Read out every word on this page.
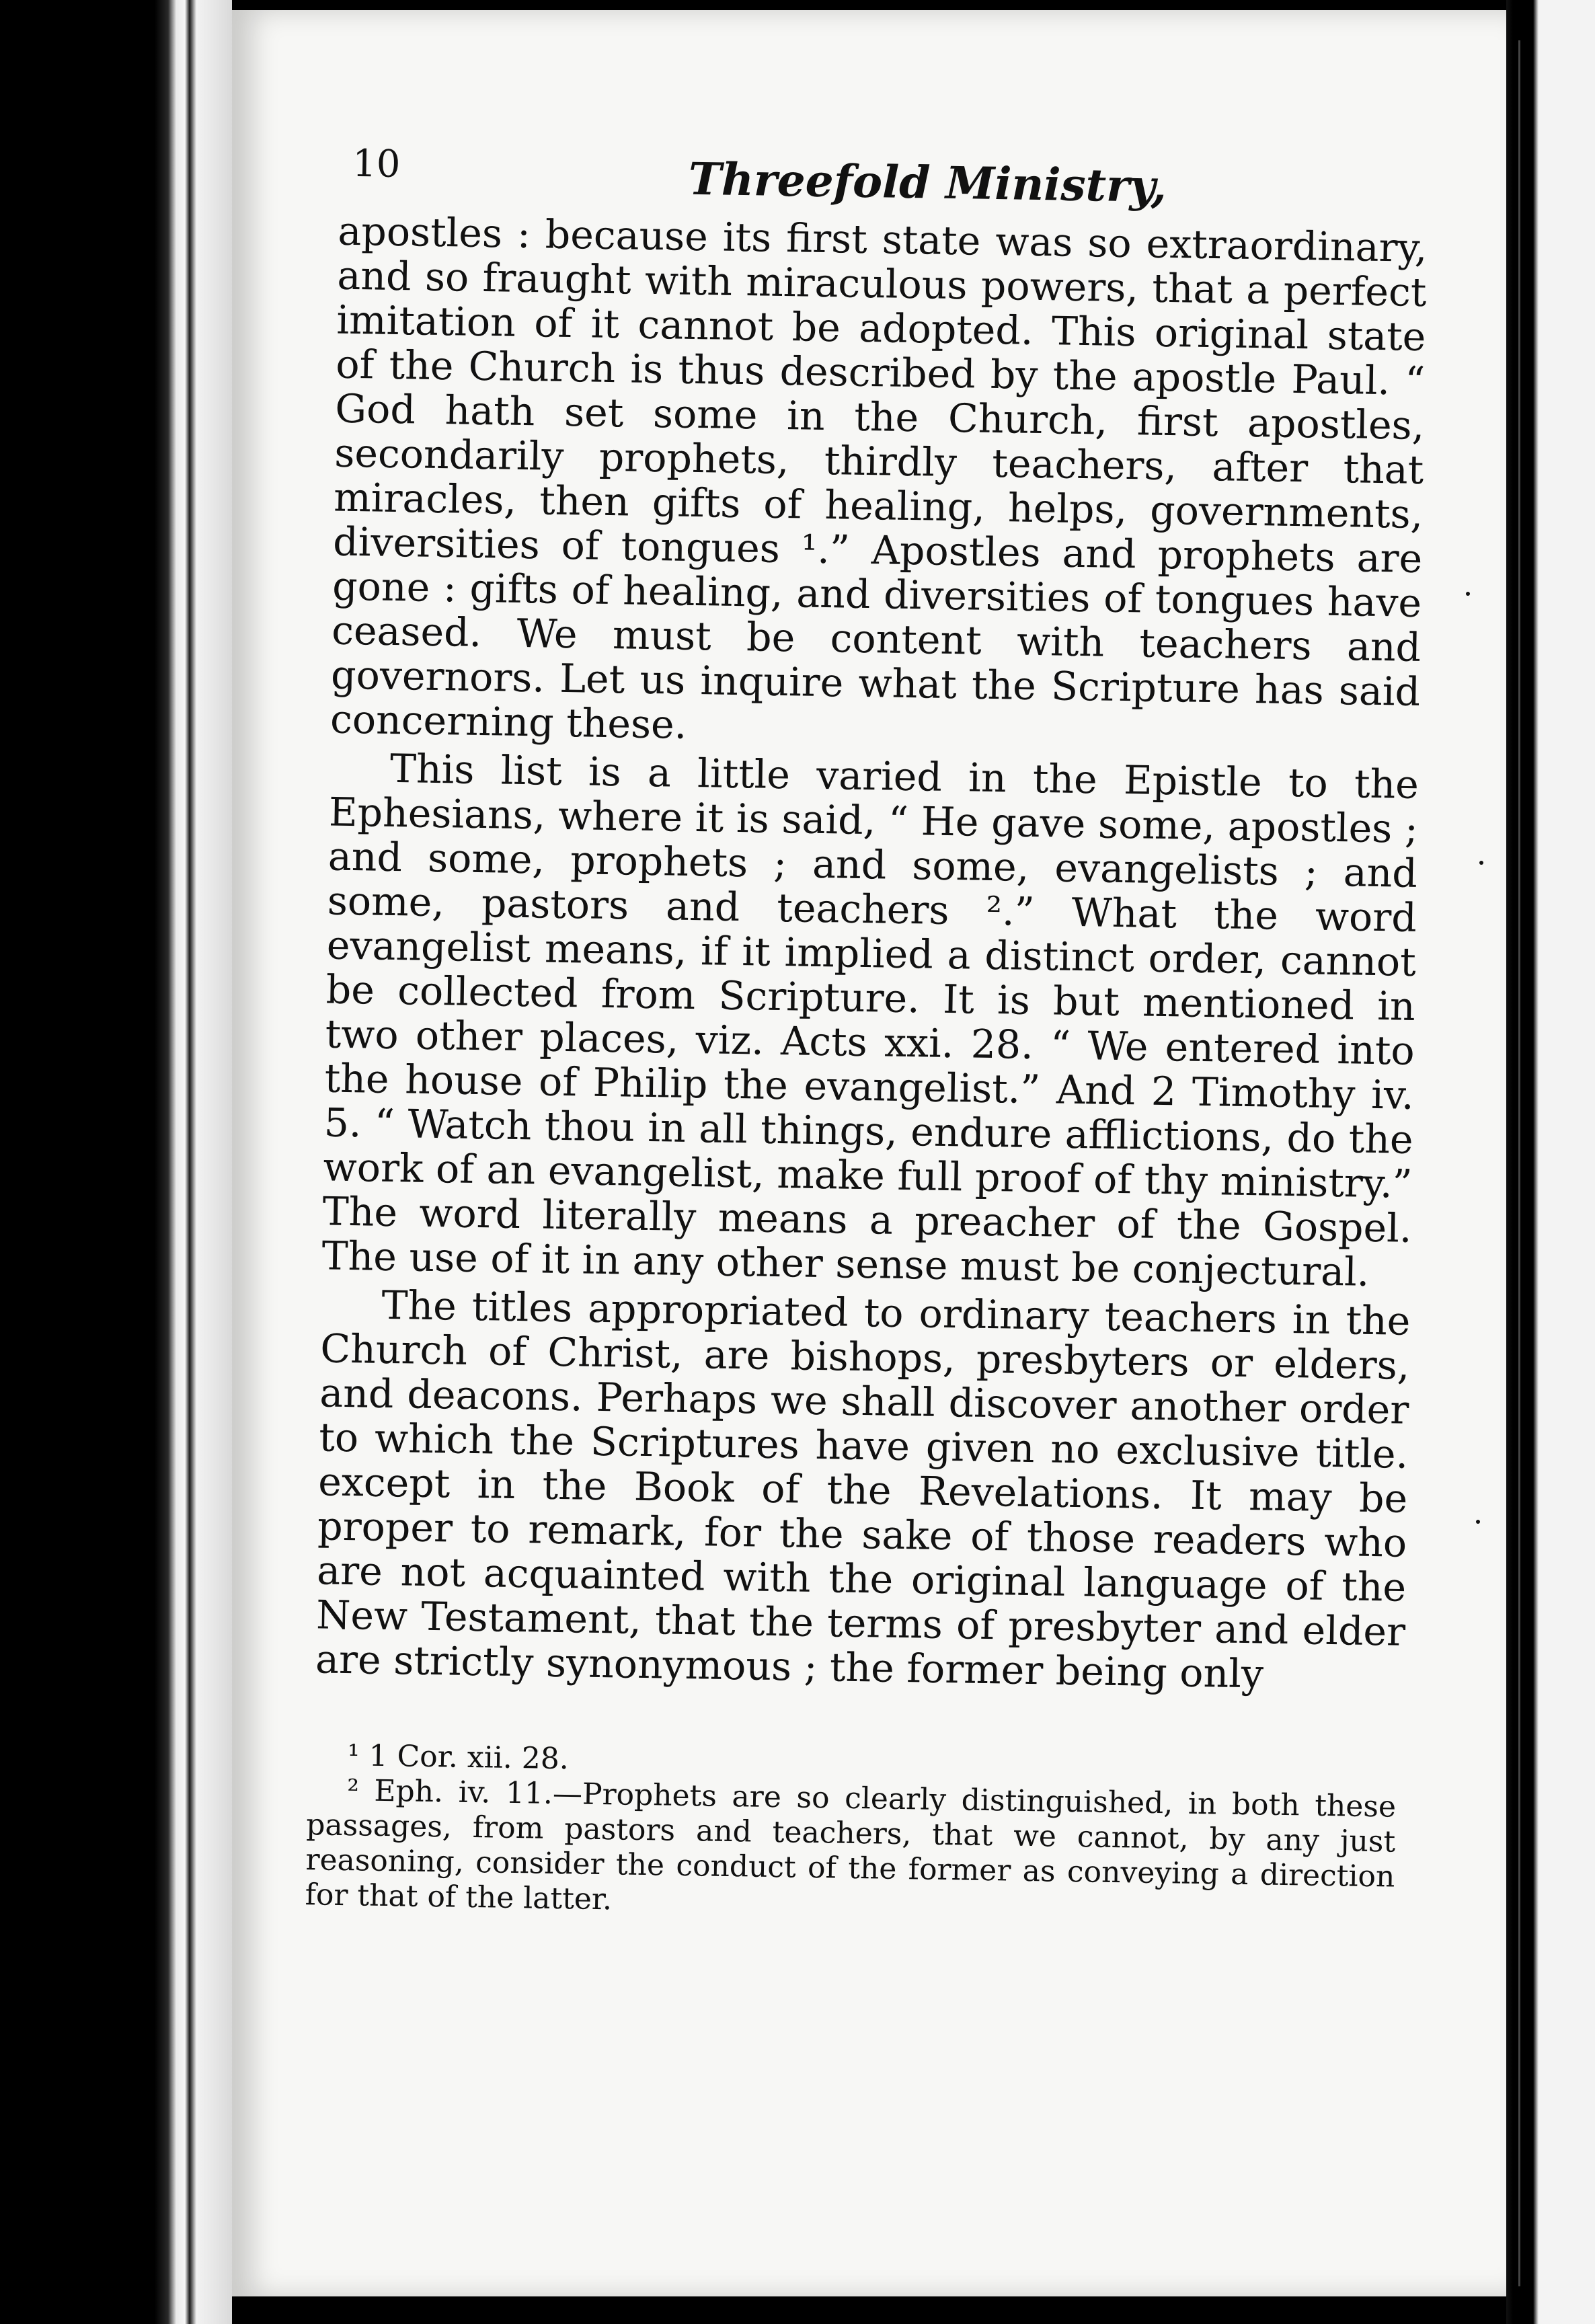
10	Threefold Ministry,

apostles : because its first state was so extraordinary, and so fraught with miraculous powers, that a perfect imitation of it cannot be adopted. This original state of the Church is thus described by the apostle Paul. “ God hath set some in the Church, first apostles, secondarily prophets, thirdly teachers, after that miracles, then gifts of healing, helps, governments, diversities of tongues ¹.” Apostles and prophets are gone : gifts of healing, and diversities of tongues have ceased. We must be content with teachers and governors. Let us inquire what the Scripture has said concerning these.

This list is a little varied in the Epistle to the Ephesians, where it is said, “ He gave some, apostles ; and some, prophets ; and some, evangelists ; and some, pastors and teachers ².” What the word evangelist means, if it implied a distinct order, cannot be collected from Scripture. It is but mentioned in two other places, viz. Acts xxi. 28. “ We entered into the house of Philip the evangelist.” And 2 Timothy iv. 5. “ Watch thou in all things, endure afflictions, do the work of an evangelist, make full proof of thy ministry.” The word literally means a preacher of the Gospel. The use of it in any other sense must be conjectural.

The titles appropriated to ordinary teachers in the Church of Christ, are bishops, presbyters or elders, and deacons. Perhaps we shall discover another order to which the Scriptures have given no exclusive title. except in the Book of the Revelations. It may be proper to remark, for the sake of those readers who are not acquainted with the original language of the New Testament, that the terms of presbyter and elder are strictly synonymous ; the former being only

¹ 1 Cor. xii. 28.

² Eph. iv. 11.—Prophets are so clearly distinguished, in both these passages, from pastors and teachers, that we cannot, by any just reasoning, consider the conduct of the former as conveying a direction for that of the latter.
